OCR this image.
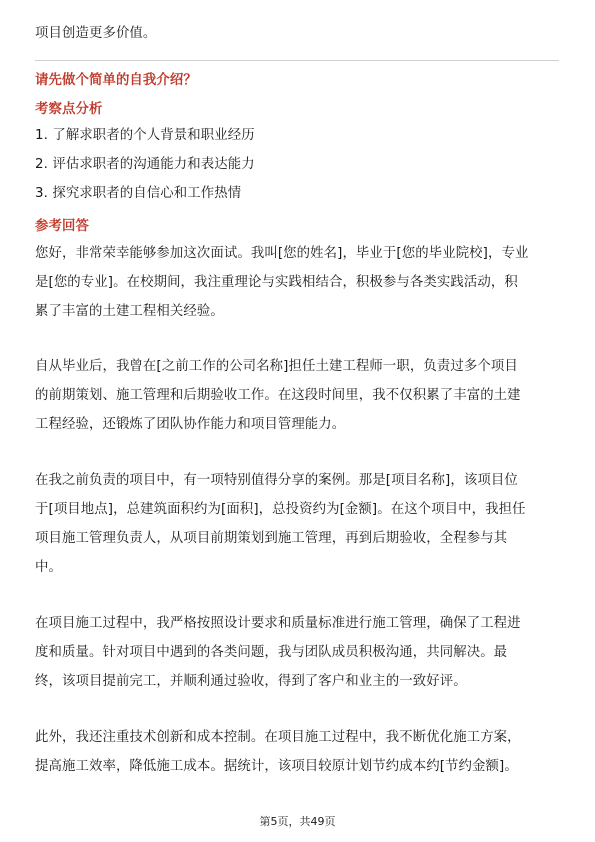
项目创造更多价值。

请先做个简单的自我介绍？

考察点分析

1. 了解求职者的个人背景和职业经历

2. 评估求职者的沟通能力和表达能力

3. 探究求职者的自信心和工作热情

参考回答

您好，非常荣幸能够参加这次面试。我叫[您的姓名]，毕业于[您的毕业院校]，专业

是[您的专业]。在校期间，我注重理论与实践相结合，积极参与各类实践活动，积

累了丰富的土建工程相关经验。

自从毕业后，我曾在[之前工作的公司名称]担任土建工程师一职，负责过多个项目

的前期策划、施工管理和后期验收工作。在这段时间里，我不仅积累了丰富的土建

工程经验，还锻炼了团队协作能力和项目管理能力。

在我之前负责的项目中，有一项特别值得分享的案例。那是[项目名称]，该项目位

于[项目地点]，总建筑面积约为[面积]，总投资约为[金额]。在这个项目中，我担任

项目施工管理负责人，从项目前期策划到施工管理，再到后期验收，全程参与其

中。

在项目施工过程中，我严格按照设计要求和质量标准进行施工管理，确保了工程进

度和质量。针对项目中遇到的各类问题，我与团队成员积极沟通，共同解决。最

终，该项目提前完工，并顺利通过验收，得到了客户和业主的一致好评。

此外，我还注重技术创新和成本控制。在项目施工过程中，我不断优化施工方案，

提高施工效率，降低施工成本。据统计，该项目较原计划节约成本约[节约金额]。

第5页，共49页
